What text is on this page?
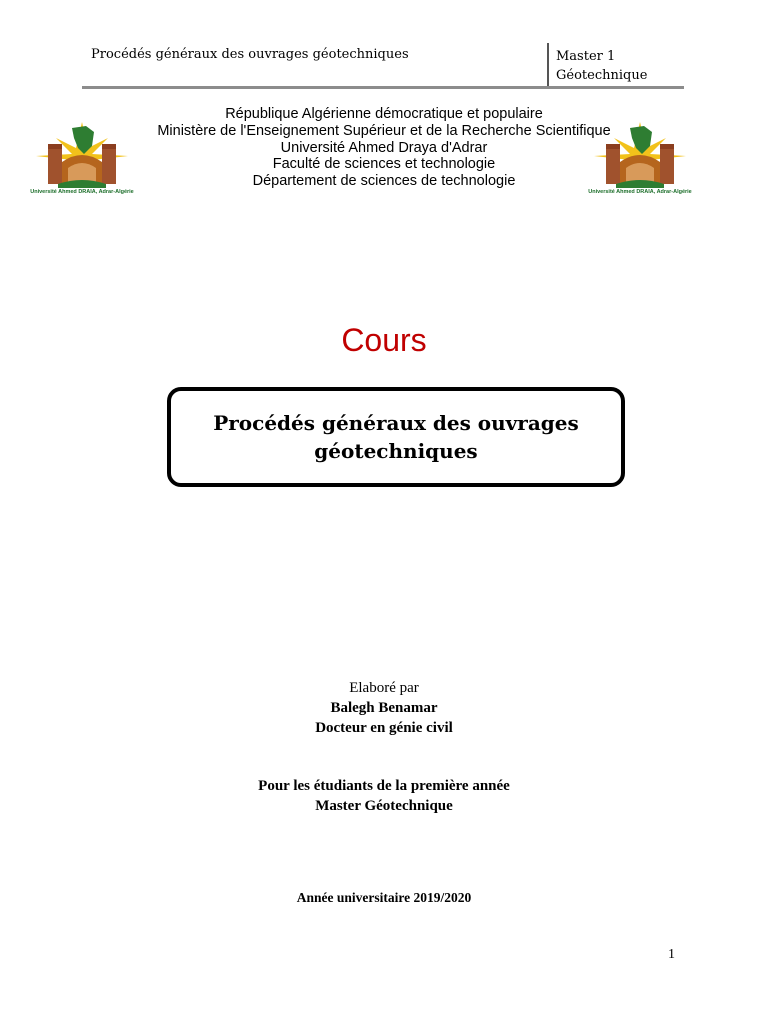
Procédés généraux des ouvrages géotechniques	Master 1
Géotechnique
Université Ahmed DRAIA, Adrar-Algérie
République Algérienne démocratique et populaire
Ministère de l'Enseignement Supérieur et de la Recherche Scientifique
Université Ahmed Draya d'Adrar
Faculté de sciences et technologie
Département de sciences de technologie
Université Ahmed DRAIA, Adrar-Algérie
Cours
Procédés généraux des ouvrages
géotechniques
Elaboré par
Balegh Benamar
Docteur en génie civil
Pour les étudiants de la première année
Master Géotechnique
Année universitaire 2019/2020
1
